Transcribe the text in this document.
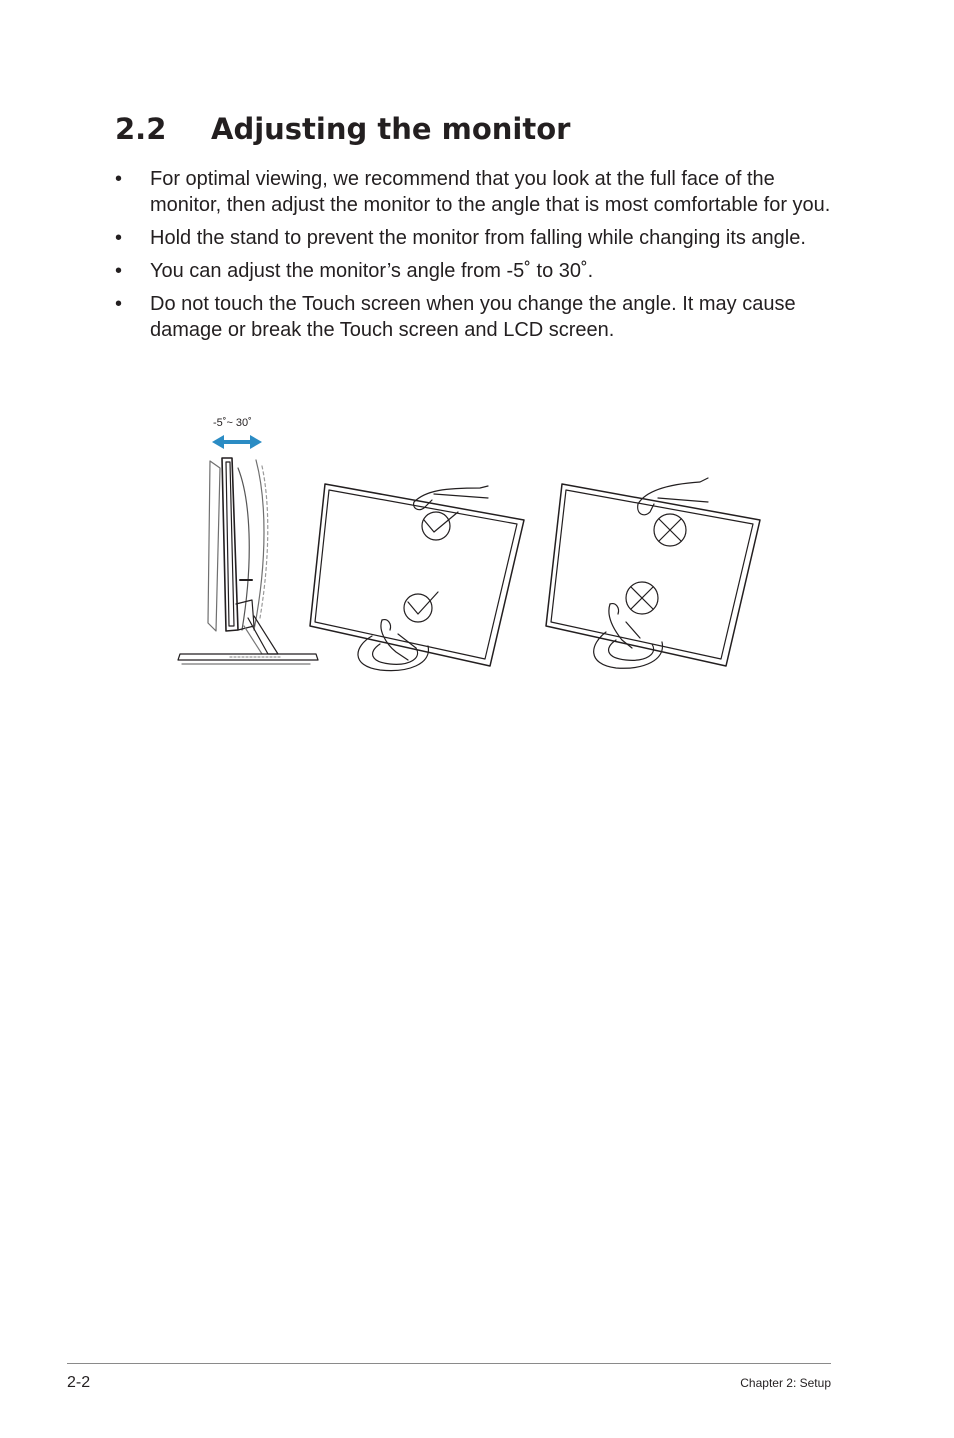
2.2 Adjusting the monitor
• For optimal viewing, we recommend that you look at the full face of the monitor, then adjust the monitor to the angle that is most comfortable for you.
• Hold the stand to prevent the monitor from falling while changing its angle.
• You can adjust the monitor’s angle from -5˚ to 30˚.
• Do not touch the Touch screen when you change the angle. It may cause damage or break the Touch screen and LCD screen.
-5˚~ 30˚
2-2	Chapter 2: Setup
